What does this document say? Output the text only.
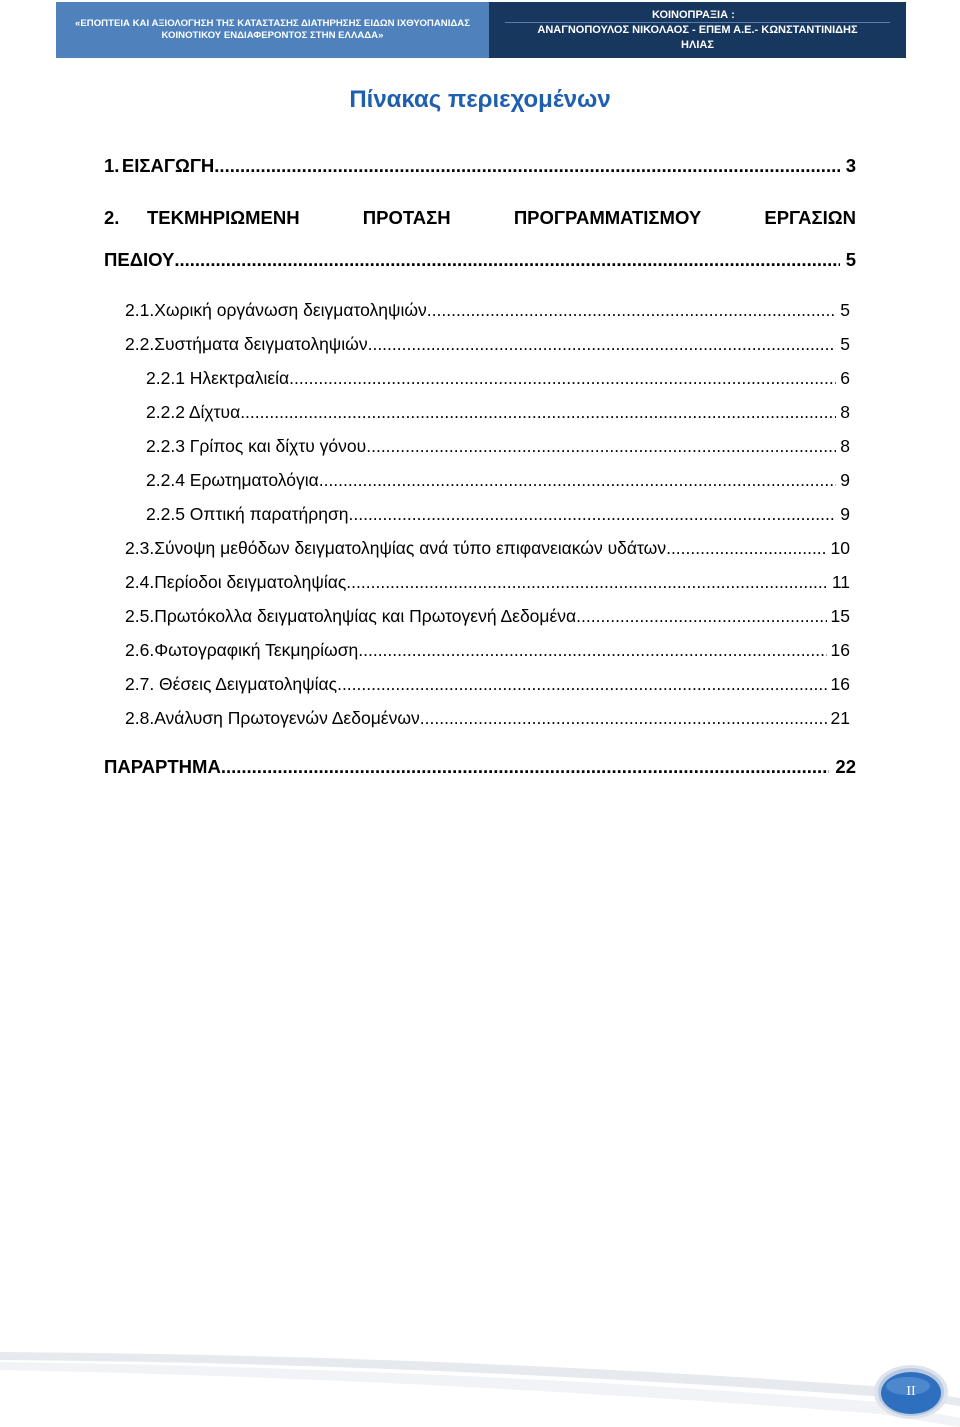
«ΕΠΟΠΤΕΙΑ ΚΑΙ ΑΞΙΟΛΟΓΗΣΗ ΤΗΣ ΚΑΤΑΣΤΑΣΗΣ ΔΙΑΤΗΡΗΣΗΣ ΕΙΔΩΝ ΙΧΘΥΟΠΑΝΙΔΑΣ
ΚΟΙΝΟΤΙΚΟΥ ΕΝΔΙΑΦΕΡΟΝΤΟΣ ΣΤΗΝ ΕΛΛΑΔΑ»
ΚΟΙΝΟΠΡΑΞΙΑ :
ΑΝΑΓΝΟΠΟΥΛΟΣ ΝΙΚΟΛΑΟΣ - ΕΠΕΜ Α.Ε.- ΚΩΝΣΤΑΝΤΙΝΙΔΗΣ
ΗΛΙΑΣ
Πίνακας περιεχομένων
1. ΕΙΣΑΓΩΓΗ .....	3
2.	ΤΕΚΜΗΡΙΩΜΕΝΗ	ΠΡΟΤΑΣΗ	ΠΡΟΓΡΑΜΜΑΤΙΣΜΟΥ	ΕΡΓΑΣΙΩΝ
ΠΕΔΙΟΥ .....	5
2.1. Χωρική οργάνωση δειγματοληψιών .....	5
2.2. Συστήματα δειγματοληψιών .....	5
2.2.1 Ηλεκτραλιεία .....	6
2.2.2 Δίχτυα .....	8
2.2.3 Γρίπος και δίχτυ γόνου .....	8
2.2.4 Ερωτηματολόγια .....	9
2.2.5 Οπτική παρατήρηση .....	9
2.3. Σύνοψη μεθόδων δειγματοληψίας ανά τύπο επιφανειακών υδάτων .....	10
2.4. Περίοδοι δειγματοληψίας .....	11
2.5. Πρωτόκολλα δειγματοληψίας και Πρωτογενή Δεδομένα .....	15
2.6. Φωτογραφική Τεκμηρίωση .....	16
2.7. Θέσεις Δειγματοληψίας .....	16
2.8. Ανάλυση Πρωτογενών Δεδομένων .....	21
ΠΑΡΑΡΤΗΜΑ .....	22
II
